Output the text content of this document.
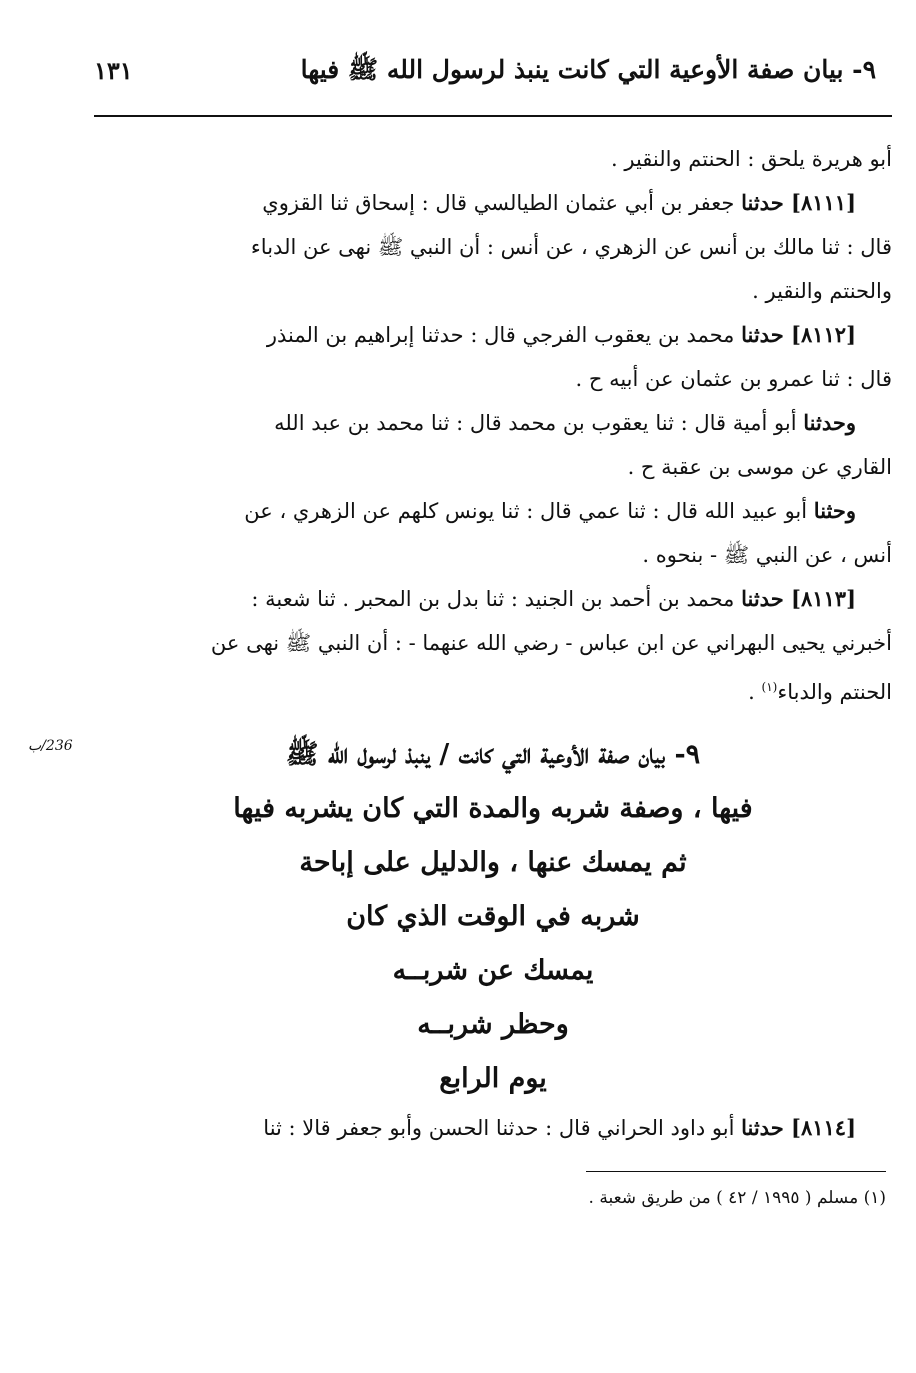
٩- بيان صفة الأوعية التي كانت ينبذ لرسول الله ﷺ فيها
١٣١
أبو هريرة يلحق : الحنتم والنقير .
[٨١١١] حدثنا جعفر بن أبي عثمان الطيالسي قال : إسحاق ثنا القزوي
قال : ثنا مالك بن أنس عن الزهري ، عن أنس : أن النبي ﷺ نهى عن الدباء
والحنتم والنقير .
[٨١١٢] حدثنا محمد بن يعقوب الفرجي قال : حدثنا إبراهيم بن المنذر
قال : ثنا عمرو بن عثمان عن أبيه ح .
وحدثنا أبو أمية قال : ثنا يعقوب بن محمد قال : ثنا محمد بن عبد الله
القاري عن موسى بن عقبة ح .
وحثنا أبو عبيد الله قال : ثنا عمي قال : ثنا يونس كلهم عن الزهري ، عن
أنس ، عن النبي ﷺ - بنحوه .
[٨١١٣] حدثنا محمد بن أحمد بن الجنيد : ثنا بدل بن المحبر . ثنا شعبة :
أخبرني يحيى البهراني عن ابن عباس - رضي الله عنهما - : أن النبي ﷺ نهى عن
الحنتم والدباء$^{(١)}$ .
236/ب	٩- بيان صفة الأوعية التي كانت / ينبذ لرسول الله ﷺ
فيها ، وصفة شربه والمدة التي كان يشربه فيها
ثم يمسك عنها ، والدليل على إباحة
شربه في الوقت الذي كان
يمسك عن شربــه
وحظر شربــه
يوم الرابع
[٨١١٤] حدثنا أبو داود الحراني قال : حدثنا الحسن وأبو جعفر قالا : ثنا
(١) مسلم ( ١٩٩٥ / ٤٢ ) من طريق شعبة .
